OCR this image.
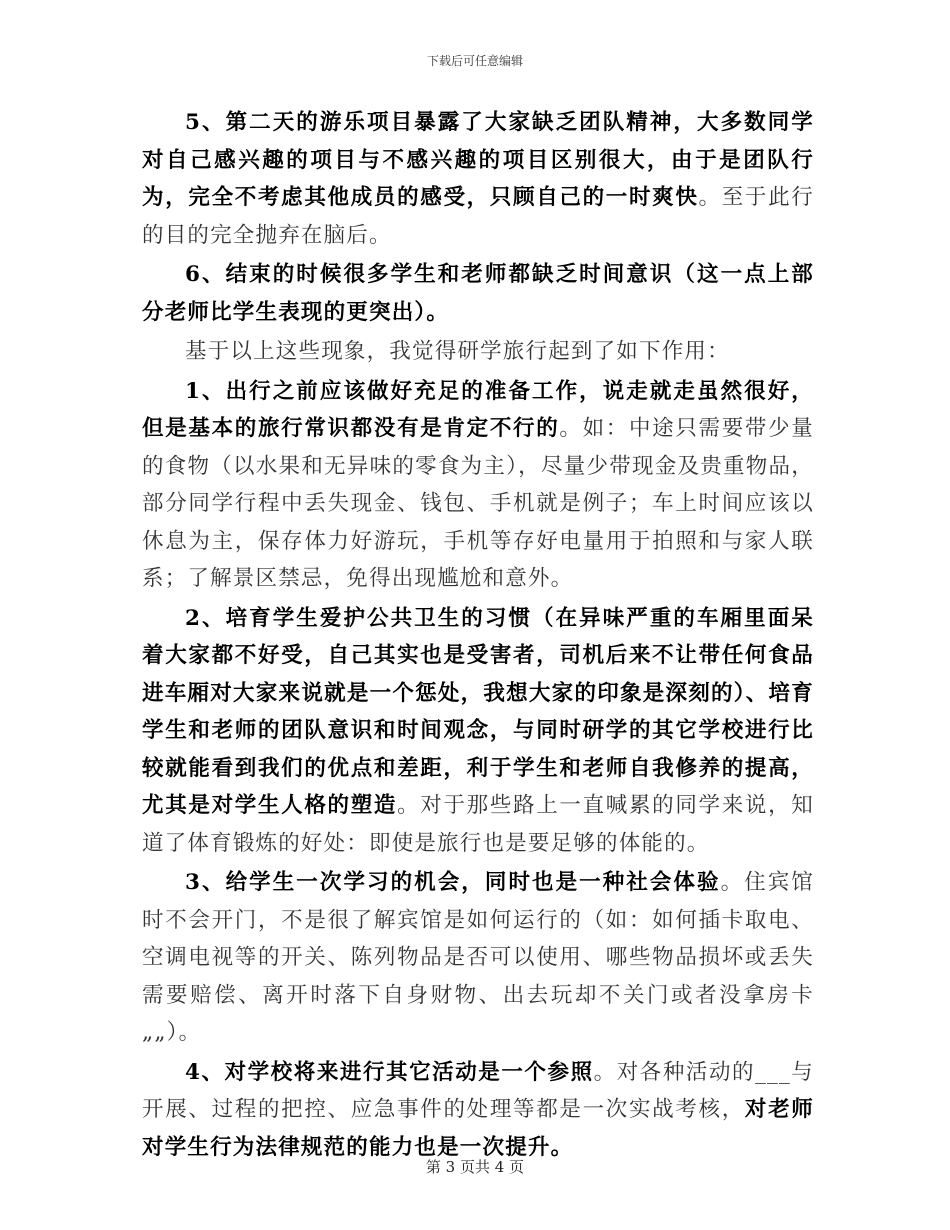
下载后可任意编辑

5、第二天的游乐项目暴露了大家缺乏团队精神，大多数同学对自己感兴趣的项目与不感兴趣的项目区别很大，由于是团队行为，完全不考虑其他成员的感受，只顾自己的一时爽快。至于此行的目的完全抛弃在脑后。

6、结束的时候很多学生和老师都缺乏时间意识（这一点上部分老师比学生表现的更突出）。

基于以上这些现象，我觉得研学旅行起到了如下作用：

1、出行之前应该做好充足的准备工作，说走就走虽然很好，但是基本的旅行常识都没有是肯定不行的。如：中途只需要带少量的食物（以水果和无异味的零食为主），尽量少带现金及贵重物品，部分同学行程中丢失现金、钱包、手机就是例子；车上时间应该以休息为主，保存体力好游玩，手机等存好电量用于拍照和与家人联系；了解景区禁忌，免得出现尴尬和意外。

2、培育学生爱护公共卫生的习惯（在异味严重的车厢里面呆着大家都不好受，自己其实也是受害者，司机后来不让带任何食品进车厢对大家来说就是一个惩处，我想大家的印象是深刻的）、培育学生和老师的团队意识和时间观念，与同时研学的其它学校进行比较就能看到我们的优点和差距，利于学生和老师自我修养的提高，尤其是对学生人格的塑造。对于那些路上一直喊累的同学来说，知道了体育锻炼的好处：即使是旅行也是要足够的体能的。

3、给学生一次学习的机会，同时也是一种社会体验。住宾馆时不会开门，不是很了解宾馆是如何运行的（如：如何插卡取电、空调电视等的开关、陈列物品是否可以使用、哪些物品损坏或丢失需要赔偿、离开时落下自身财物、出去玩却不关门或者没拿房卡„„）。

4、对学校将来进行其它活动是一个参照。对各种活动的___与开展、过程的把控、应急事件的处理等都是一次实战考核，对老师对学生行为法律规范的能力也是一次提升。

第 3 页共 4 页
